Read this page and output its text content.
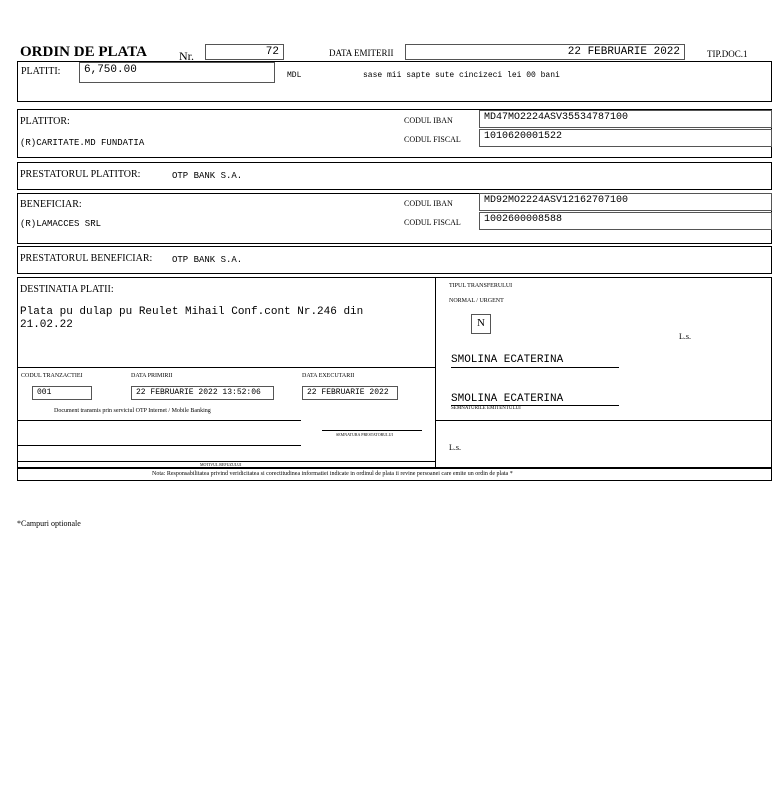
ORDIN DE PLATA	Nr.	72	DATA EMITERII	22 FEBRUARIE 2022	TIP.DOC.1
PLATITI:	6,750.00	MDL	sase mii sapte sute cincizeci lei 00 bani
PLATITOR:
(R)CARITATE.MD FUNDATIA
CODUL IBAN	MD47MO2224ASV35534787100
CODUL FISCAL	1010620001522
PRESTATORUL PLATITOR:	OTP BANK S.A.
BENEFICIAR:
(R)LAMACCES SRL
CODUL IBAN	MD92MO2224ASV12162707100
CODUL FISCAL	1002600008588
PRESTATORUL BENEFICIAR: OTP BANK S.A.
DESTINATIA PLATII:
Plata pu dulap pu Reulet Mihail Conf.cont Nr.246 din
21.02.22
TIPUL TRANSFERULUI
NORMAL / URGENT
N
L.s.
SMOLINA ECATERINA
SMOLINA ECATERINA
SEMNATURILE EMITENTULUI
L.s.
CODUL TRANZACTIEI
001
DATA PRIMIRII
22 FEBRUARIE 2022 13:52:06
DATA EXECUTARII
22 FEBRUARIE 2022
Document transmis prin serviciul OTP Internet / Mobile Banking
SEMNATURA PRESTATORULUI
MOTIVUL REFUZULUI
Nota: Responsabilitatea privind veridicitatea si corectitudinea informatiei indicate in ordinul de plata ii revine persoanei care emite un ordin de plata *
*Campuri optionale
